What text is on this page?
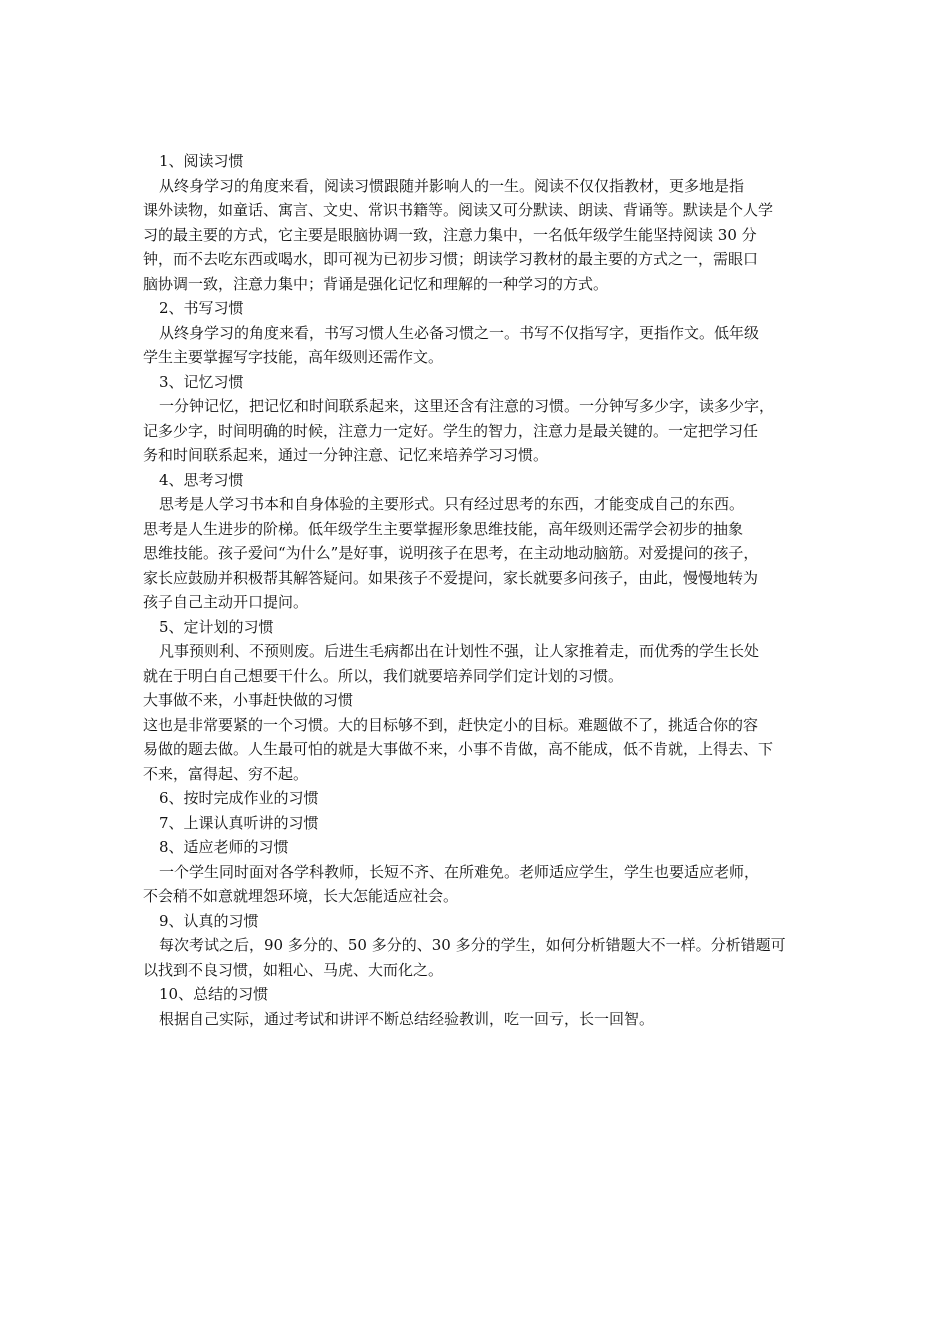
1、阅读习惯
从终身学习的角度来看，阅读习惯跟随并影响人的一生。阅读不仅仅指教材，更多地是指
课外读物，如童话、寓言、文史、常识书籍等。阅读又可分默读、朗读、背诵等。默读是个人学
习的最主要的方式，它主要是眼脑协调一致，注意力集中，一名低年级学生能坚持阅读 30 分
钟，而不去吃东西或喝水，即可视为已初步习惯；朗读学习教材的最主要的方式之一，需眼口
脑协调一致，注意力集中；背诵是强化记忆和理解的一种学习的方式。
2、书写习惯
从终身学习的角度来看，书写习惯人生必备习惯之一。书写不仅指写字，更指作文。低年级
学生主要掌握写字技能，高年级则还需作文。
3、记忆习惯
一分钟记忆，把记忆和时间联系起来，这里还含有注意的习惯。一分钟写多少字，读多少字，
记多少字，时间明确的时候，注意力一定好。学生的智力，注意力是最关键的。一定把学习任
务和时间联系起来，通过一分钟注意、记忆来培养学习习惯。
4、思考习惯
思考是人学习书本和自身体验的主要形式。只有经过思考的东西，才能变成自己的东西。
思考是人生进步的阶梯。低年级学生主要掌握形象思维技能，高年级则还需学会初步的抽象
思维技能。孩子爱问“为什么”是好事，说明孩子在思考，在主动地动脑筋。对爱提问的孩子，
家长应鼓励并积极帮其解答疑问。如果孩子不爱提问，家长就要多问孩子，由此，慢慢地转为
孩子自己主动开口提问。
5、定计划的习惯
凡事预则利、不预则废。后进生毛病都出在计划性不强，让人家推着走，而优秀的学生长处
就在于明白自己想要干什么。所以，我们就要培养同学们定计划的习惯。
大事做不来，小事赶快做的习惯
这也是非常要紧的一个习惯。大的目标够不到，赶快定小的目标。难题做不了，挑适合你的容
易做的题去做。人生最可怕的就是大事做不来，小事不肯做，高不能成，低不肯就，上得去、下
不来，富得起、穷不起。
6、按时完成作业的习惯
7、上课认真听讲的习惯
8、适应老师的习惯
一个学生同时面对各学科教师，长短不齐、在所难免。老师适应学生，学生也要适应老师，
不会稍不如意就埋怨环境，长大怎能适应社会。
9、认真的习惯
每次考试之后，90 多分的、50 多分的、30 多分的学生，如何分析错题大不一样。分析错题可
以找到不良习惯，如粗心、马虎、大而化之。
10、总结的习惯
根据自己实际，通过考试和讲评不断总结经验教训，吃一回亏，长一回智。
